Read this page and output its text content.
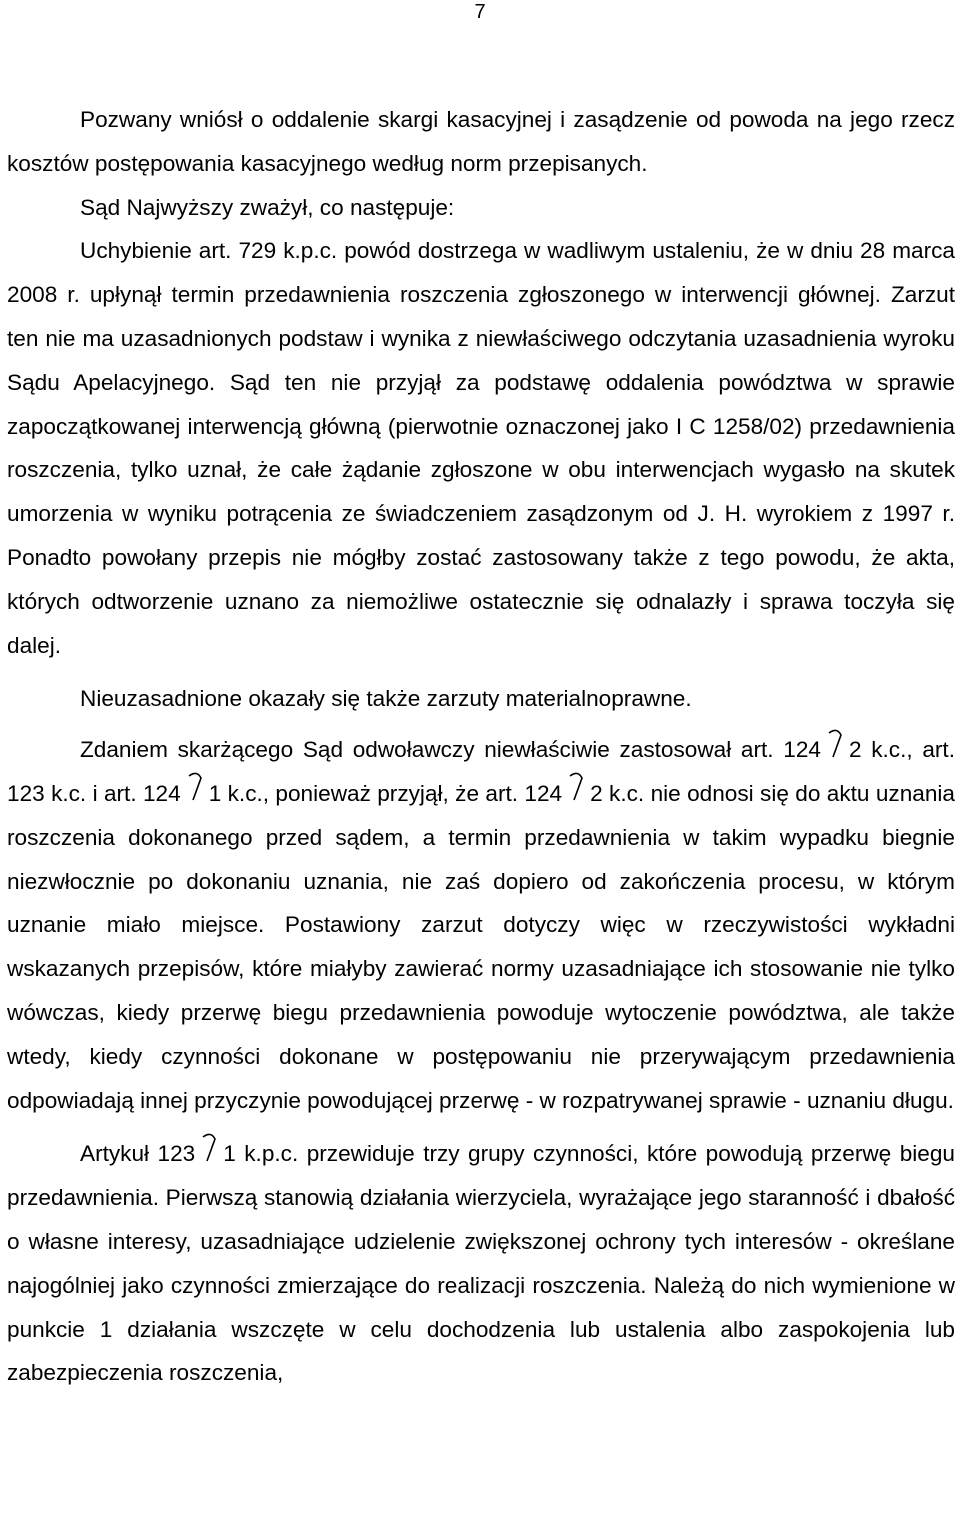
7

Pozwany wniósł o oddalenie skargi kasacyjnej i zasądzenie od powoda na jego rzecz kosztów postępowania kasacyjnego według norm przepisanych.

Sąd Najwyższy zważył, co następuje:

Uchybienie art. 729 k.p.c. powód dostrzega w wadliwym ustaleniu, że w dniu 28 marca 2008 r. upłynął termin przedawnienia roszczenia zgłoszonego w interwencji głównej. Zarzut ten nie ma uzasadnionych podstaw i wynika z niewłaściwego odczytania uzasadnienia wyroku Sądu Apelacyjnego. Sąd ten nie przyjął za podstawę oddalenia powództwa w sprawie zapoczątkowanej interwencją główną (pierwotnie oznaczonej jako I C 1258/02) przedawnienia roszczenia, tylko uznał, że całe żądanie zgłoszone w obu interwencjach wygasło na skutek umorzenia w wyniku potrącenia ze świadczeniem zasądzonym od J. H. wyrokiem z 1997 r. Ponadto powołany przepis nie mógłby zostać zastosowany także z tego powodu, że akta, których odtworzenie uznano za niemożliwe ostatecznie się odnalazły i sprawa toczyła się dalej.

Nieuzasadnione okazały się także zarzuty materialnoprawne.

Zdaniem skarżącego Sąd odwoławczy niewłaściwie zastosował art. 124 2 k.c., art. 123 k.c. i art. 124 1 k.c., ponieważ przyjął, że art. 124 2 k.c. nie odnosi się do aktu uznania roszczenia dokonanego przed sądem, a termin przedawnienia w takim wypadku biegnie niezwłocznie po dokonaniu uznania, nie zaś dopiero od zakończenia procesu, w którym uznanie miało miejsce. Postawiony zarzut dotyczy więc w rzeczywistości wykładni wskazanych przepisów, które miałyby zawierać normy uzasadniające ich stosowanie nie tylko wówczas, kiedy przerwę biegu przedawnienia powoduje wytoczenie powództwa, ale także wtedy, kiedy czynności dokonane w postępowaniu nie przerywającym przedawnienia odpowiadają innej przyczynie powodującej przerwę - w rozpatrywanej sprawie - uznaniu długu.

Artykuł 123 1 k.p.c. przewiduje trzy grupy czynności, które powodują przerwę biegu przedawnienia. Pierwszą stanowią działania wierzyciela, wyrażające jego staranność i dbałość o własne interesy, uzasadniające udzielenie zwiększonej ochrony tych interesów - określane najogólniej jako czynności zmierzające do realizacji roszczenia. Należą do nich wymienione w punkcie 1 działania wszczęte w celu dochodzenia lub ustalenia albo zaspokojenia lub zabezpieczenia roszczenia,
